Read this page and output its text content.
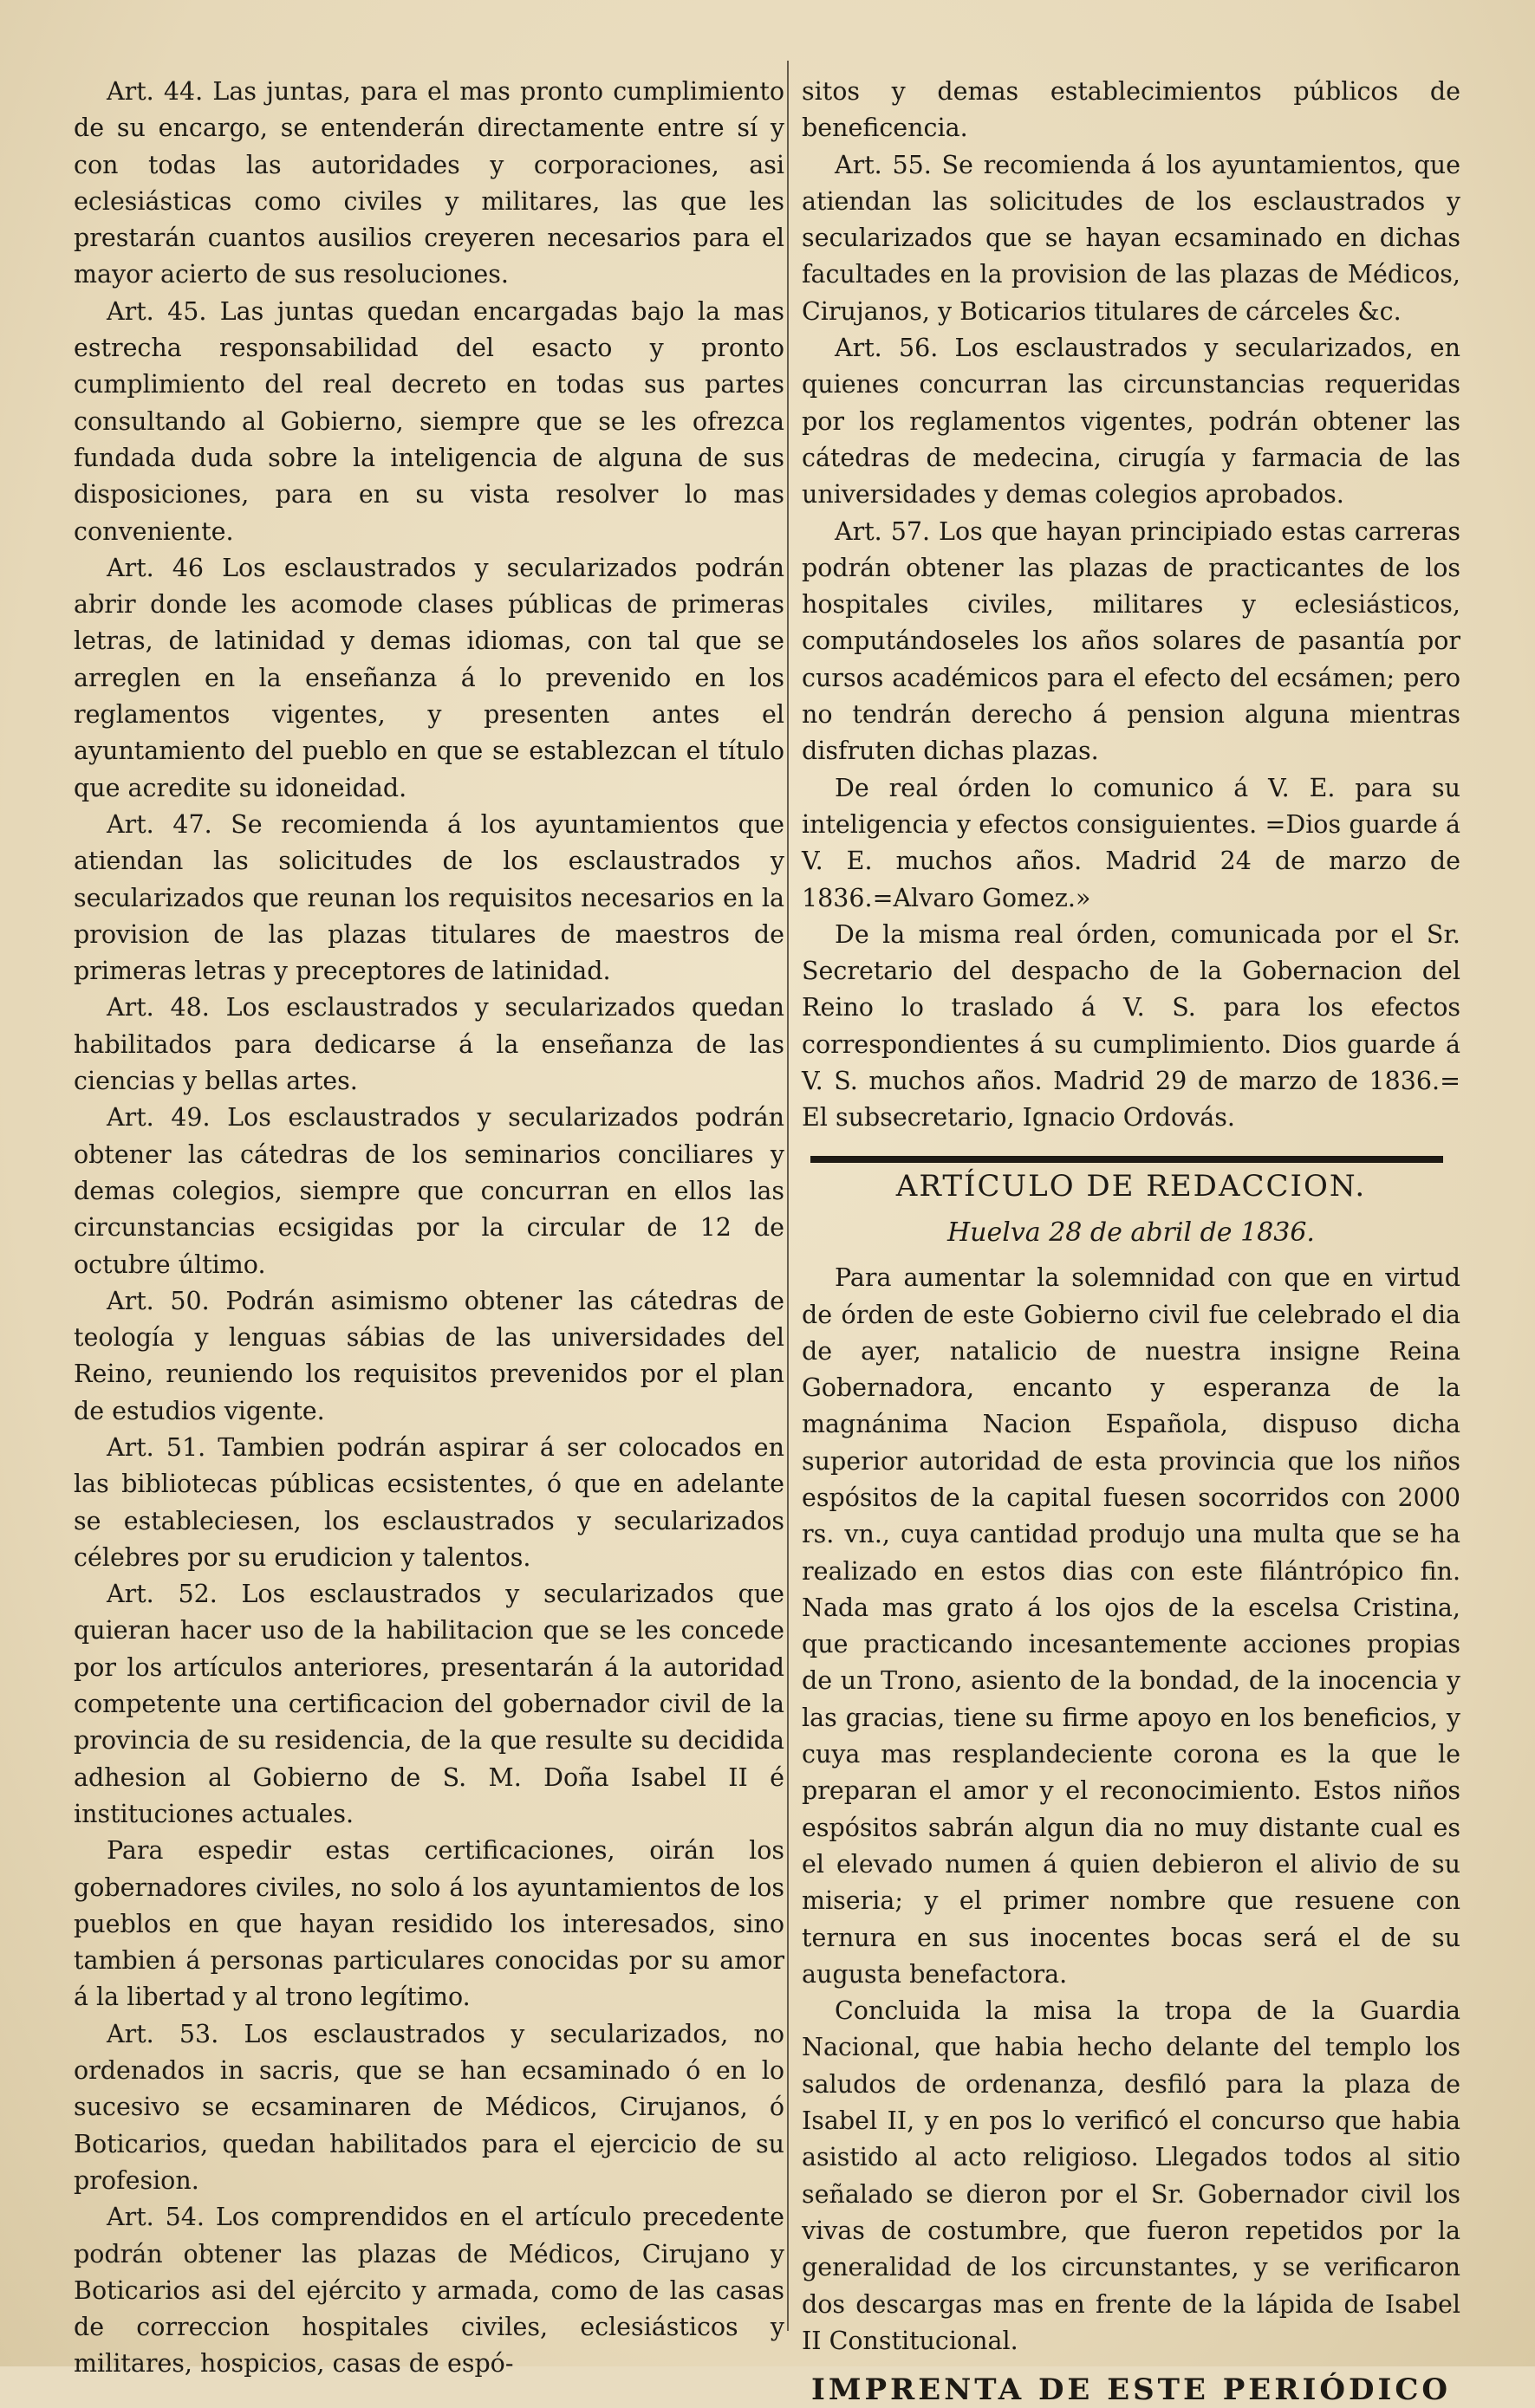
Art. 44. Las juntas, para el mas pronto cumplimiento de su encargo, se entenderán directamente entre sí y con todas las autoridades y corporaciones, asi eclesiásticas como civiles y militares, las que les prestarán cuantos ausilios creyeren necesarios para el mayor acierto de sus resoluciones.

Art. 45. Las juntas quedan encargadas bajo la mas estrecha responsabilidad del esacto y pronto cumplimiento del real decreto en todas sus partes consultando al Gobierno, siempre que se les ofrezca fundada duda sobre la inteligencia de alguna de sus disposiciones, para en su vista resolver lo mas conveniente.

Art. 46 Los esclaustrados y secularizados podrán abrir donde les acomode clases públicas de primeras letras, de latinidad y demas idiomas, con tal que se arreglen en la enseñanza á lo prevenido en los reglamentos vigentes, y presenten antes el ayuntamiento del pueblo en que se establezcan el título que acredite su idoneidad.

Art. 47. Se recomienda á los ayuntamientos que atiendan las solicitudes de los esclaustrados y secularizados que reunan los requisitos necesarios en la provision de las plazas titulares de maestros de primeras letras y preceptores de latinidad.

Art. 48. Los esclaustrados y secularizados quedan habilitados para dedicarse á la enseñanza de las ciencias y bellas artes.

Art. 49. Los esclaustrados y secularizados podrán obtener las cátedras de los seminarios conciliares y demas colegios, siempre que concurran en ellos las circunstancias ecsigidas por la circular de 12 de octubre último.

Art. 50. Podrán asimismo obtener las cátedras de teología y lenguas sábias de las universidades del Reino, reuniendo los requisitos prevenidos por el plan de estudios vigente.

Art. 51. Tambien podrán aspirar á ser colocados en las bibliotecas públicas ecsistentes, ó que en adelante se estableciesen, los esclaustrados y secularizados célebres por su erudicion y talentos.

Art. 52. Los esclaustrados y secularizados que quieran hacer uso de la habilitacion que se les concede por los artículos anteriores, presentarán á la autoridad competente una certificacion del gobernador civil de la provincia de su residencia, de la que resulte su decidida adhesion al Gobierno de S. M. Doña Isabel II é instituciones actuales.

Para espedir estas certificaciones, oirán los gobernadores civiles, no solo á los ayuntamientos de los pueblos en que hayan residido los interesados, sino tambien á personas particulares conocidas por su amor á la libertad y al trono legítimo.

Art. 53. Los esclaustrados y secularizados, no ordenados in sacris, que se han ecsaminado ó en lo sucesivo se ecsaminaren de Médicos, Cirujanos, ó Boticarios, quedan habilitados para el ejercicio de su profesion.

Art. 54. Los comprendidos en el artículo precedente podrán obtener las plazas de Médicos, Cirujano y Boticarios asi del ejército y armada, como de las casas de correccion hospitales civiles, eclesiásticos y militares, hospicios, casas de espó-

sitos y demas establecimientos públicos de beneficencia.

Art. 55. Se recomienda á los ayuntamientos, que atiendan las solicitudes de los esclaustrados y secularizados que se hayan ecsaminado en dichas facultades en la provision de las plazas de Médicos, Cirujanos, y Boticarios titulares de cárceles &c.

Art. 56. Los esclaustrados y secularizados, en quienes concurran las circunstancias requeridas por los reglamentos vigentes, podrán obtener las cátedras de medecina, cirugía y farmacia de las universidades y demas colegios aprobados.

Art. 57. Los que hayan principiado estas carreras podrán obtener las plazas de practicantes de los hospitales civiles, militares y eclesiásticos, computándoseles los años solares de pasantía por cursos académicos para el efecto del ecsámen; pero no tendrán derecho á pension alguna mientras disfruten dichas plazas.

De real órden lo comunico á V. E. para su inteligencia y efectos consiguientes. =Dios guarde á V. E. muchos años. Madrid 24 de marzo de 1836.=Alvaro Gomez.»

De la misma real órden, comunicada por el Sr. Secretario del despacho de la Gobernacion del Reino lo traslado á V. S. para los efectos correspondientes á su cumplimiento. Dios guarde á V. S. muchos años. Madrid 29 de marzo de 1836.= El subsecretario, Ignacio Ordovás.

ARTÍCULO DE REDACCION.
Huelva 28 de abril de 1836.

Para aumentar la solemnidad con que en virtud de órden de este Gobierno civil fue celebrado el dia de ayer, natalicio de nuestra insigne Reina Gobernadora, encanto y esperanza de la magnánima Nacion Española, dispuso dicha superior autoridad de esta provincia que los niños espósitos de la capital fuesen socorridos con 2000 rs. vn., cuya cantidad produjo una multa que se ha realizado en estos dias con este filántrópico fin. Nada mas grato á los ojos de la escelsa Cristina, que practicando incesantemente acciones propias de un Trono, asiento de la bondad, de la inocencia y las gracias, tiene su firme apoyo en los beneficios, y cuya mas resplandeciente corona es la que le preparan el amor y el reconocimiento. Estos niños espósitos sabrán algun dia no muy distante cual es el elevado numen á quien debieron el alivio de su miseria; y el primer nombre que resuene con ternura en sus inocentes bocas será el de su augusta benefactora.

Concluida la misa la tropa de la Guardia Nacional, que habia hecho delante del templo los saludos de ordenanza, desfiló para la plaza de Isabel II, y en pos lo verificó el concurso que habia asistido al acto religioso. Llegados todos al sitio señalado se dieron por el Sr. Gobernador civil los vivas de costumbre, que fueron repetidos por la generalidad de los circunstantes, y se verificaron dos descargas mas en frente de la lápida de Isabel II Constitucional.

IMPRENTA DE ESTE PERIÓDICO
